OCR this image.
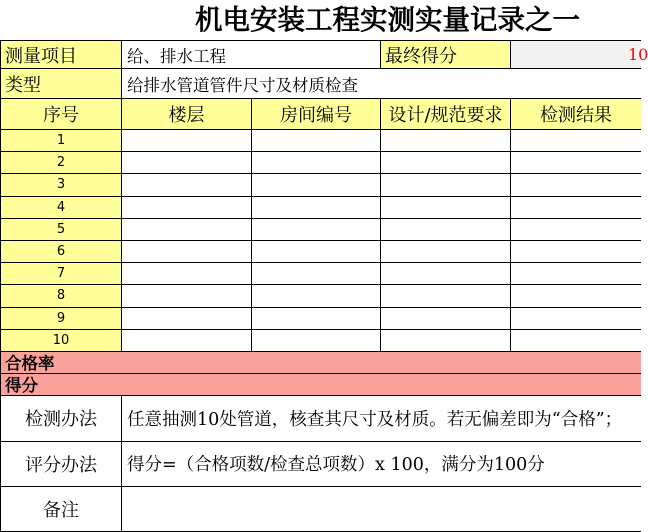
机电安装工程实测实量记录之一
测量项目	给、排水工程	最终得分	10
类型	给排水管道管件尺寸及材质检查
序号	楼层	房间编号	设计/规范要求	检测结果
1
2
3
4
5
6
7
8
9
10
合格率
得分
检测办法	任意抽测10处管道，核查其尺寸及材质。若无偏差即为“合格”；
评分办法	得分=（合格项数/检查总项数）x 100，满分为100分
备注
